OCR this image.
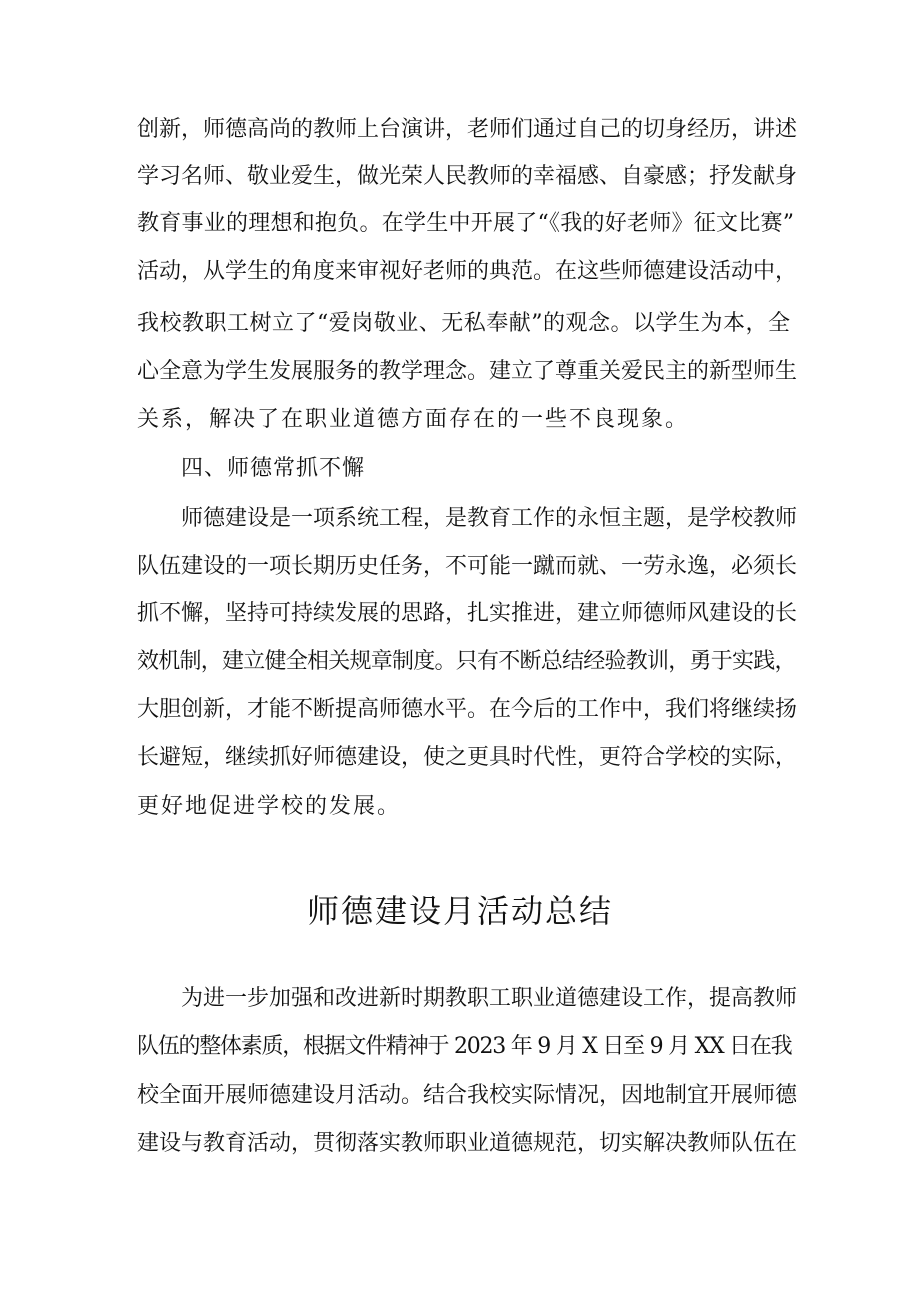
创新，师德高尚的教师上台演讲，老师们通过自己的切身经历，讲述
学习名师、敬业爱生，做光荣人民教师的幸福感、自豪感；抒发献身
教育事业的理想和抱负。在学生中开展了“《我的好老师》征文比赛”
活动，从学生的角度来审视好老师的典范。在这些师德建设活动中，
我校教职工树立了“爱岗敬业、无私奉献”的观念。以学生为本，全
心全意为学生发展服务的教学理念。建立了尊重关爱民主的新型师生
关系，解决了在职业道德方面存在的一些不良现象。
四、师德常抓不懈
师德建设是一项系统工程，是教育工作的永恒主题，是学校教师
队伍建设的一项长期历史任务，不可能一蹴而就、一劳永逸，必须长
抓不懈，坚持可持续发展的思路，扎实推进，建立师德师风建设的长
效机制，建立健全相关规章制度。只有不断总结经验教训，勇于实践，
大胆创新，才能不断提高师德水平。在今后的工作中，我们将继续扬
长避短，继续抓好师德建设，使之更具时代性，更符合学校的实际，
更好地促进学校的发展。
师德建设月活动总结
为进一步加强和改进新时期教职工职业道德建设工作，提高教师
队伍的整体素质，根据文件精神于 2023 年 9 月 X 日至 9 月 XX 日在我
校全面开展师德建设月活动。结合我校实际情况，因地制宜开展师德
建设与教育活动，贯彻落实教师职业道德规范，切实解决教师队伍在
